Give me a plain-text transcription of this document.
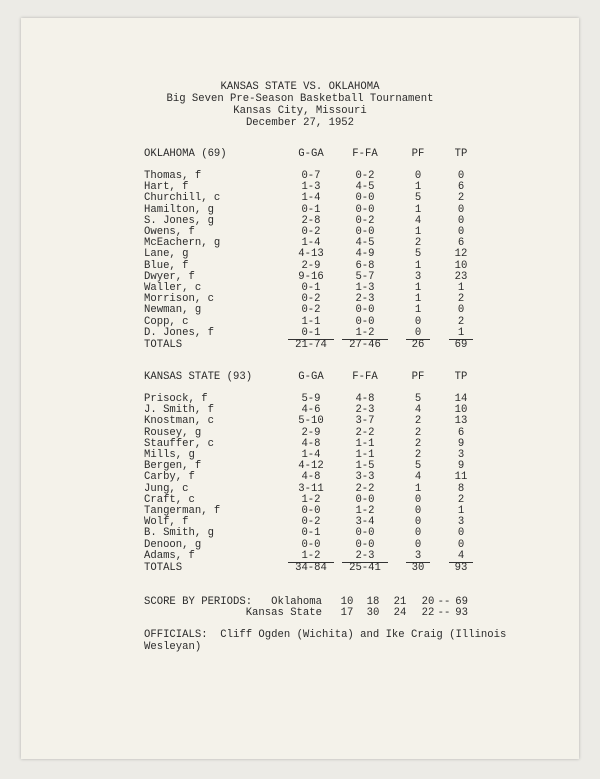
KANSAS STATE VS. OKLAHOMA
Big Seven Pre-Season Basketball Tournament
Kansas City, Missouri
December 27, 1952
OKLAHOMA (69)	G-GA	F-FA	PF	TP
Thomas, f	0-7	0-2	0	0
Hart, f	1-3	4-5	1	6
Churchill, c	1-4	0-0	5	2
Hamilton, g	0-1	0-0	1	0
S. Jones, g	2-8	0-2	4	0
Owens, f	0-2	0-0	1	0
McEachern, g	1-4	4-5	2	6
Lane, g	4-13	4-9	5	12
Blue, f	2-9	6-8	1	10
Dwyer, f	9-16	5-7	3	23
Waller, c	0-1	1-3	1	1
Morrison, c	0-2	2-3	1	2
Newman, g	0-2	0-0	1	0
Copp, c	1-1	0-0	0	2
D. Jones, f	0-1	1-2	0	1
TOTALS	21-74	27-46	26	69
KANSAS STATE (93)	G-GA	F-FA	PF	TP
Prisock, f	5-9	4-8	5	14
J. Smith, f	4-6	2-3	4	10
Knostman, c	5-10	3-7	2	13
Rousey, g	2-9	2-2	2	6
Stauffer, c	4-8	1-1	2	9
Mills, g	1-4	1-1	2	3
Bergen, f	4-12	1-5	5	9
Carby, f	4-8	3-3	4	11
Jung, c	3-11	2-2	1	8
Craft, c	1-2	0-0	0	2
Tangerman, f	0-0	1-2	0	1
Wolf, f	0-2	3-4	0	3
B. Smith, g	0-1	0-0	0	0
Denoon, g	0-0	0-0	0	0
Adams, f	1-2	2-3	3	4
TOTALS	34-84	25-41	30	93
SCORE BY PERIODS:	Oklahoma	10	18	21	20 -- 69
Kansas State	17	30	24	22 -- 93
OFFICIALS:  Cliff Ogden (Wichita) and Ike Craig (Illinois
Wesleyan)
